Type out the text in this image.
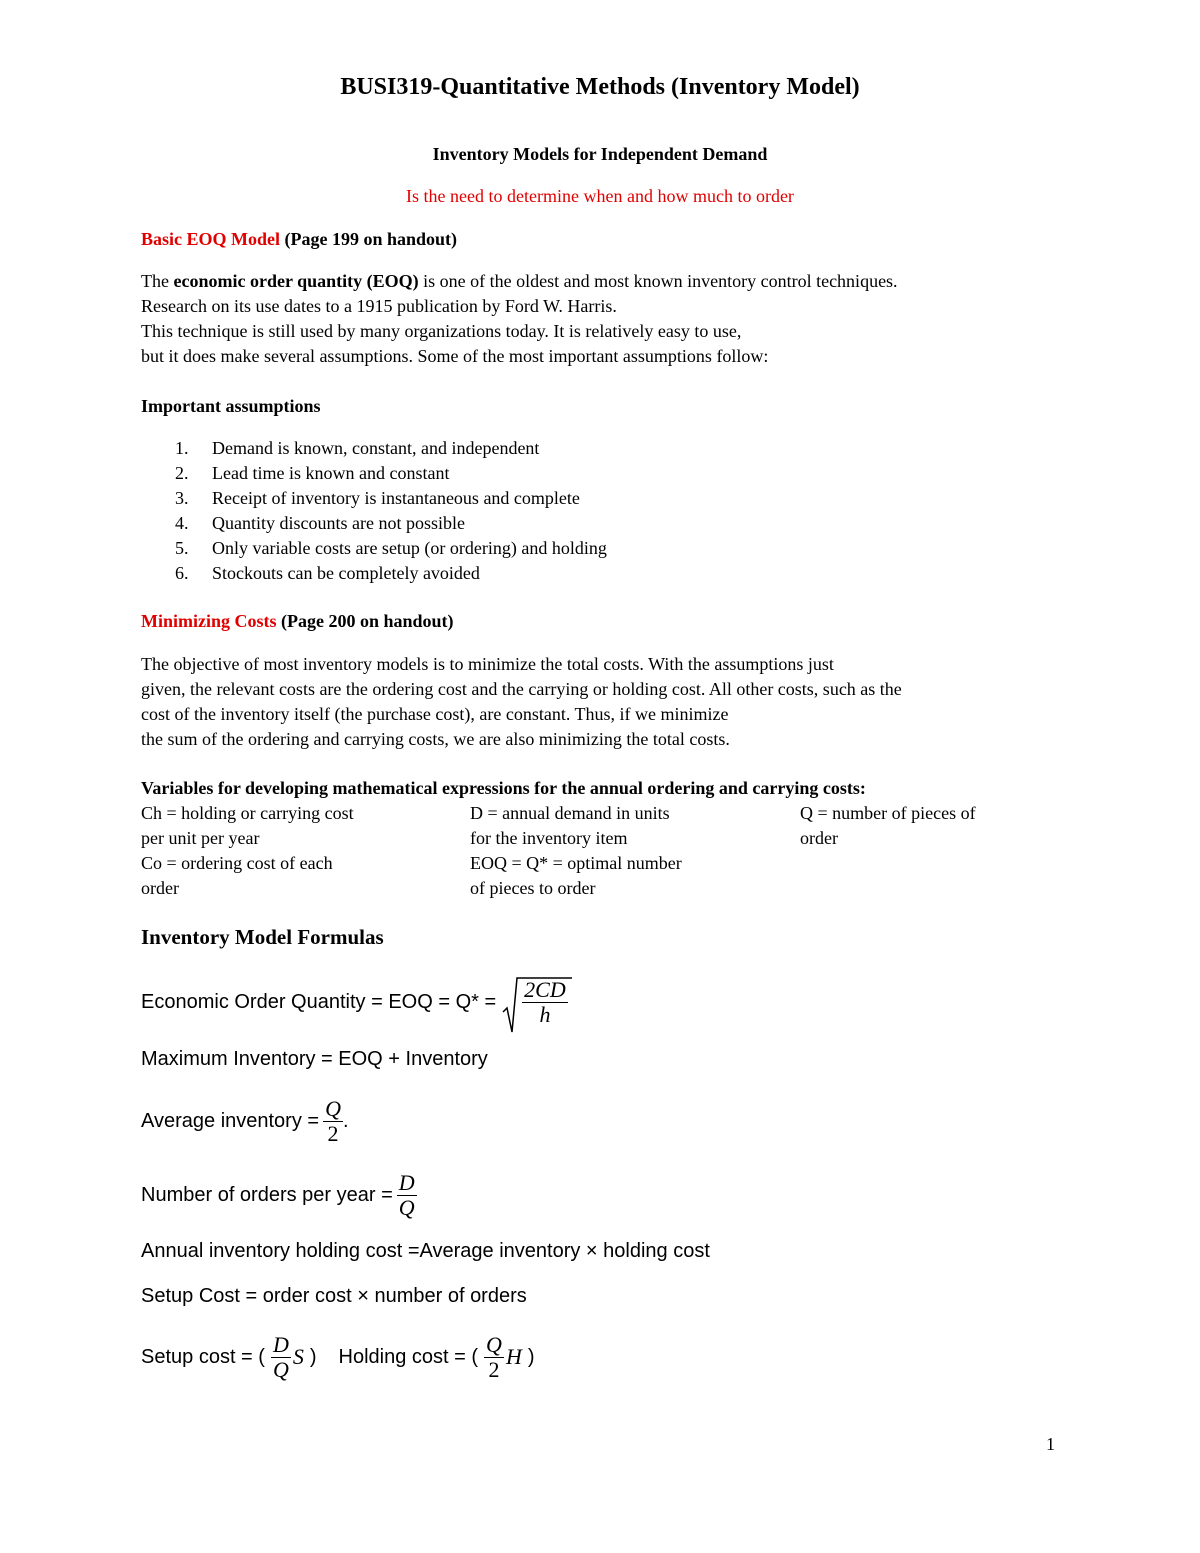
BUSI319-Quantitative Methods (Inventory Model)
Inventory Models for Independent Demand
Is the need to determine when and how much to order
Basic EOQ Model (Page 199 on handout)
The economic order quantity (EOQ) is one of the oldest and most known inventory control techniques.
Research on its use dates to a 1915 publication by Ford W. Harris.
This technique is still used by many organizations today. It is relatively easy to use,
but it does make several assumptions. Some of the most important assumptions follow:
Important assumptions
1. Demand is known, constant, and independent
2. Lead time is known and constant
3. Receipt of inventory is instantaneous and complete
4. Quantity discounts are not possible
5. Only variable costs are setup (or ordering) and holding
6. Stockouts can be completely avoided
Minimizing Costs (Page 200 on handout)
The objective of most inventory models is to minimize the total costs. With the assumptions just
given, the relevant costs are the ordering cost and the carrying or holding cost. All other costs, such as the
cost of the inventory itself (the purchase cost), are constant. Thus, if we minimize
the sum of the ordering and carrying costs, we are also minimizing the total costs.
Variables for developing mathematical expressions for the annual ordering and carrying costs:
Ch = holding or carrying cost
per unit per year
Co = ordering cost of each
order
D = annual demand in units
for the inventory item
EOQ = Q* = optimal number
of pieces to order
Q = number of pieces of
order
Inventory Model Formulas
Economic Order Quantity = EOQ = $Q* = \frac{2CD}{h}$
Maximum Inventory = EOQ + Inventory
Average inventory = $\frac{Q}{2}$ .
Number of orders per year = $\frac{D}{Q}$
Annual inventory holding cost =Average inventory × holding cost
Setup Cost = order cost × number of orders
Setup cost = ( $\frac{D}{Q}$ S ) Holding cost = ( $\frac{Q}{2}$ H )
1
